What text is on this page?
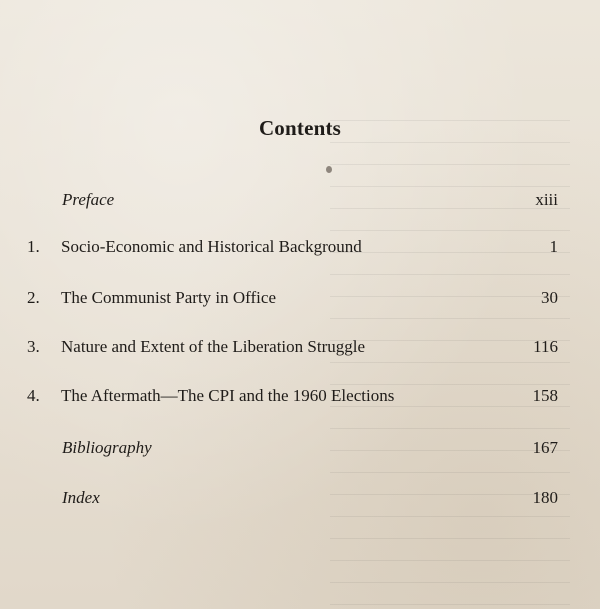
Contents
Preface	xiii
1.	Socio-Economic and Historical Background	1
2.	The Communist Party in Office	30
3.	Nature and Extent of the Liberation Struggle	116
4.	The Aftermath—The CPI and the 1960 Elections	158
Bibliography	167
Index	180
